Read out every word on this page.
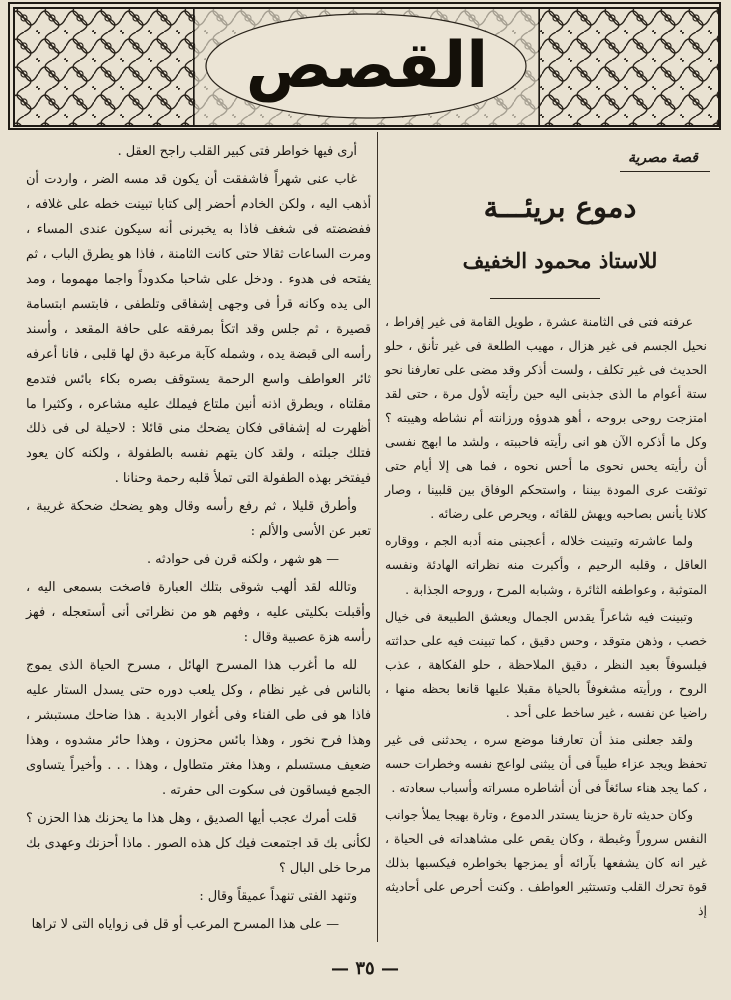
القصص
قصة مصرية
دموع بريئـــة
للاستاذ محمود الخفيف

عرفته فتى فى الثامنة عشرة ، طويل القامة فى غير إفراط ، نحيل الجسم فى غير هزال ، مهيب الطلعة فى غير تأنق ، حلو الحديث فى غير تكلف ، ولست أذكر وقد مضى على تعارفنا نحو ستة أعوام ما الذى جذبنى اليه حين رأيته لأول مرة ، حتى لقد امتزجت روحى بروحه ، أهو هدوؤه ورزانته أم نشاطه وهيبته ؟ وكل ما أذكره الآن هو انى رأيته فاحببته ، ولشد ما ابهج نفسى أن رأيته يحس نحوى ما أحس نحوه ، فما هى إلا أيام حتى توثقت عرى المودة بيننا ، واستحكم الوفاق بين قلبينا ، وصار كلانا يأنس بصاحبه ويهش للقائه ، ويحرص على رضائه .

ولما عاشرته وتبينت خلاله ، أعجبنى منه أدبه الجم ، ووقاره العاقل ، وقلبه الرحيم ، وأكبرت منه نظراته الهادئة ونفسه المتوثبة ، وعواطفه الثائرة ، وشبابه المرح ، وروحه الجذابة .

وتبينت فيه شاعراً يقدس الجمال ويعشق الطبيعة فى خيال خصب ، وذهن متوقد ، وحس دقيق ، كما تبينت فيه على حداثته فيلسوفاً بعيد النظر ، دقيق الملاحظة ، حلو الفكاهة ، عذب الروح ، ورأيته مشغوفاً بالحياة مقبلا عليها قانعا بحظه منها ، راضيا عن نفسه ، غير ساخط على أحد .

ولقد جعلنى منذ أن تعارفنا موضع سره ، يحدثنى فى غير تحفظ ويجد عزاء طيباً فى أن يبثنى لواعج نفسه وخطرات حسه ، كما يجد هناء سائغاً فى أن أشاطره مسراته وأسباب سعادته .

وكان حديثه تارة حزينا يستدر الدموع ، وتارة بهيجا يملأ جوانب النفس سروراً وغبطة ، وكان يقص على مشاهداته فى الحياة ، غير انه كان يشفعها بآرائه أو يمزجها بخواطره فيكسبها بذلك قوة تحرك القلب وتستثير العواطف . وكنت أحرص على أحاديثه إذ

أرى فيها خواطر فتى كبير القلب راجح العقل .

غاب عنى شهراً فاشفقت أن يكون قد مسه الضر ، واردت أن أذهب اليه ، ولكن الخادم أحضر إلى كتابا تبينت خطه على غلافه ، ففضضته فى شغف فاذا به يخبرنى أنه سيكون عندى المساء ، ومرت الساعات ثقالا حتى كانت الثامنة ، فاذا هو يطرق الباب ، ثم يفتحه فى هدوء . ودخل على شاحبا مكدوداً واجما مهموما ، ومد الى يده وكانه قرأ فى وجهى إشفاقى وتلطفى ، فابتسم ابتسامة قصيرة ، ثم جلس وقد اتكأ بمرفقه على حافة المقعد ، وأسند رأسه الى قبضة يده ، وشمله كآبة مرعبة دق لها قلبى ، فانا أعرفه ثائر العواطف واسع الرحمة يستوقف بصره بكاء بائس فتدمع مقلتاه ، ويطرق اذنه أنين ملتاع فيملك عليه مشاعره ، وكثيرا ما أظهرت له إشفاقى فكان يضحك منى قائلا : لاحيلة لى فى ذلك فتلك جبلته ، ولقد كان يتهم نفسه بالطفولة ، ولكنه كان يعود فيفتخر بهذه الطفولة التى تملأ قلبه رحمة وحنانا .

وأطرق قليلا ، ثم رفع رأسه وقال وهو يضحك ضحكة غريبة ، تعبر عن الأسى والألم :

— هو شهر ، ولكنه قرن فى حوادثه .

وتالله لقد ألهب شوقى بتلك العبارة فاصخت بسمعى اليه ، وأقبلت بكليتى عليه ، وفهم هو من نظراتى أنى أستعجله ، فهز رأسه هزة عصبية وقال :

لله ما أغرب هذا المسرح الهائل ، مسرح الحياة الذى يموج بالناس فى غير نظام ، وكل يلعب دوره حتى يسدل الستار عليه فاذا هو فى طى الفناء وفى أغوار الابدية . هذا ضاحك مستبشر ، وهذا فرح نخور ، وهذا بائس محزون ، وهذا حائر مشدوه ، وهذا ضعيف مستسلم ، وهذا مغتر متطاول ، وهذا . . . وأخيراً يتساوى الجمع فيساقون فى سكوت الى حفرته .

قلت أمرك عجب أيها الصديق ، وهل هذا ما يحزنك هذا الحزن ؟ لكأنى بك قد اجتمعت فيك كل هذه الصور . ماذا أحزنك وعهدى بك مرحا خلى البال ؟

وتنهد الفتى تنهداً عميقاً وقال :

— على هذا المسرح المرعب أو قل فى زواياه التى لا تراها

— ٣٥ —
